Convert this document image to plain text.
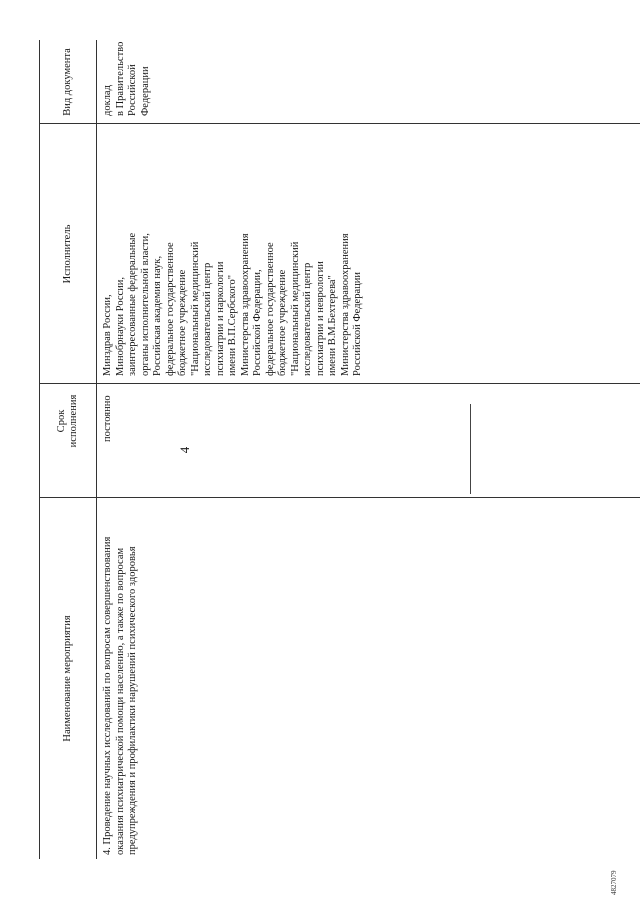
4
Наименование мероприятия
Срок исполнения
Исполнитель
Вид документа
4. Проведение научных исследований по вопросам совершенствования оказания психиатрической помощи населению, а также по вопросам предупреждения и профилактики нарушений психического здоровья
постоянно
Минздрав России, Минобрнауки России, заинтересованные федеральные органы исполнительной власти, Российская академия наук, федеральное государственное бюджетное учреждение "Национальный медицинский исследовательский центр психиатрии и наркологии имени В.П.Сербского" Министерства здравоохранения Российской Федерации, федеральное государственное бюджетное учреждение "Национальный медицинский исследовательский центр психиатрии и неврологии имени В.М.Бехтерева" Министерства здравоохранения Российской Федерации
доклад в Правительство Российской Федерации
4827079
